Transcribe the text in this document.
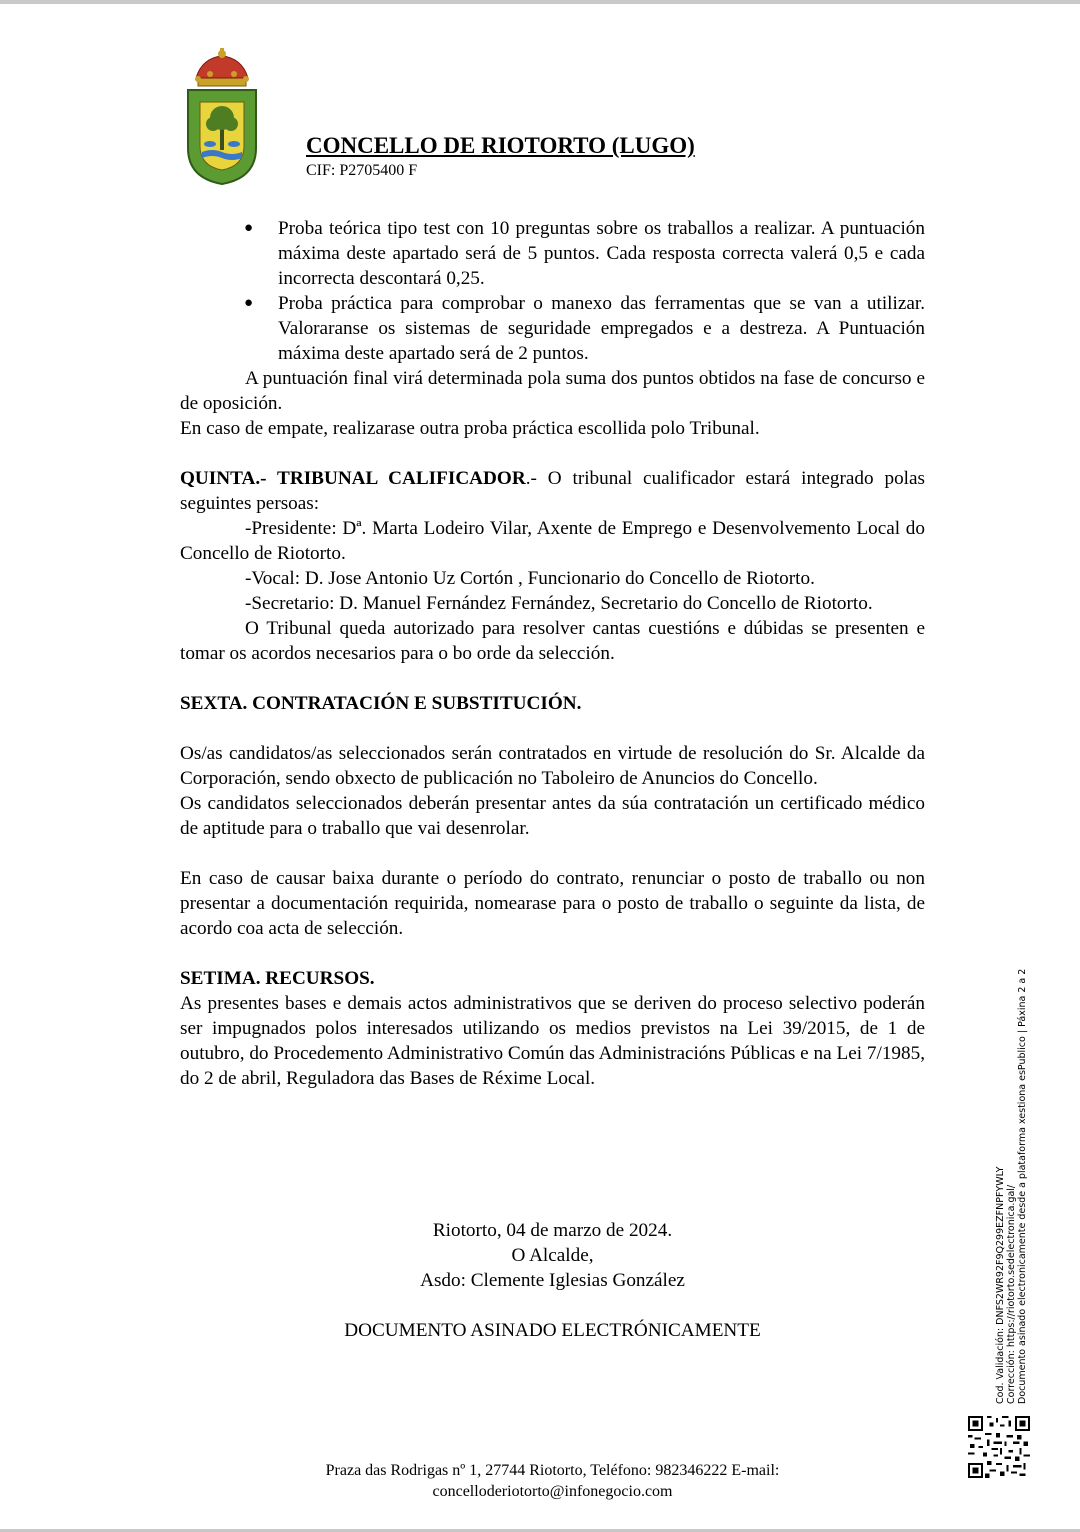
CONCELLO DE RIOTORTO (LUGO)
CIF: P2705400 F
● Proba teórica tipo test con 10 preguntas sobre os traballos a realizar. A puntuación máxima deste apartado será de 5 puntos. Cada resposta correcta valerá 0,5 e cada incorrecta descontará 0,25.
● Proba práctica para comprobar o manexo das ferramentas que se van a utilizar. Valoraranse os sistemas de seguridade empregados e a destreza. A Puntuación máxima deste apartado será de 2 puntos.

A puntuación final virá determinada pola suma dos puntos obtidos na fase de concurso e de oposición.

En caso de empate, realizarase outra proba práctica escollida polo Tribunal.

QUINTA.- TRIBUNAL CALIFICADOR.- O tribunal cualificador estará integrado polas seguintes persoas:

-Presidente: Dª. Marta Lodeiro Vilar, Axente de Emprego e Desenvolvemento Local do Concello de Riotorto.

-Vocal: D. Jose Antonio Uz Cortón , Funcionario do Concello de Riotorto.

-Secretario: D. Manuel Fernández Fernández, Secretario do Concello de Riotorto.

O Tribunal queda autorizado para resolver cantas cuestións e dúbidas se presenten e tomar os acordos necesarios para o bo orde da selección.

SEXTA. CONTRATACIÓN E SUBSTITUCIÓN.

Os/as candidatos/as seleccionados serán contratados en virtude de resolución do Sr. Alcalde da Corporación, sendo obxecto de publicación no Taboleiro de Anuncios do Concello.

Os candidatos seleccionados deberán presentar antes da súa contratación un certificado médico de aptitude para o traballo que vai desenrolar.

En caso de causar baixa durante o período do contrato, renunciar o posto de traballo ou non presentar a documentación requirida, nomearase para o posto de traballo o seguinte da lista, de acordo coa acta de selección.

SETIMA. RECURSOS.

As presentes bases e demais actos administrativos que se deriven do proceso selectivo poderán ser impugnados polos interesados utilizando os medios previstos na Lei 39/2015, de 1 de outubro, do Procedemento Administrativo Común das Administracións Públicas e na Lei 7/1985, do 2 de abril, Reguladora das Bases de Réxime Local.

Riotorto, 04 de marzo de 2024.
O Alcalde,
Asdo: Clemente Iglesias González
DOCUMENTO ASINADO ELECTRÓNICAMENTE
Praza das Rodrigas nº 1, 27744 Riotorto, Teléfono: 982346222 E-mail:
concelloderiotorto@infonegocio.com
Cod. Validación: DNFS2WR92F9Q299EZFNPFYWLY Corrección: https://riotorto.sedelectronica.gal/ Documento asinado electronicamente desde a plataforma xestiona esPublico | Páxina 2 a 2
